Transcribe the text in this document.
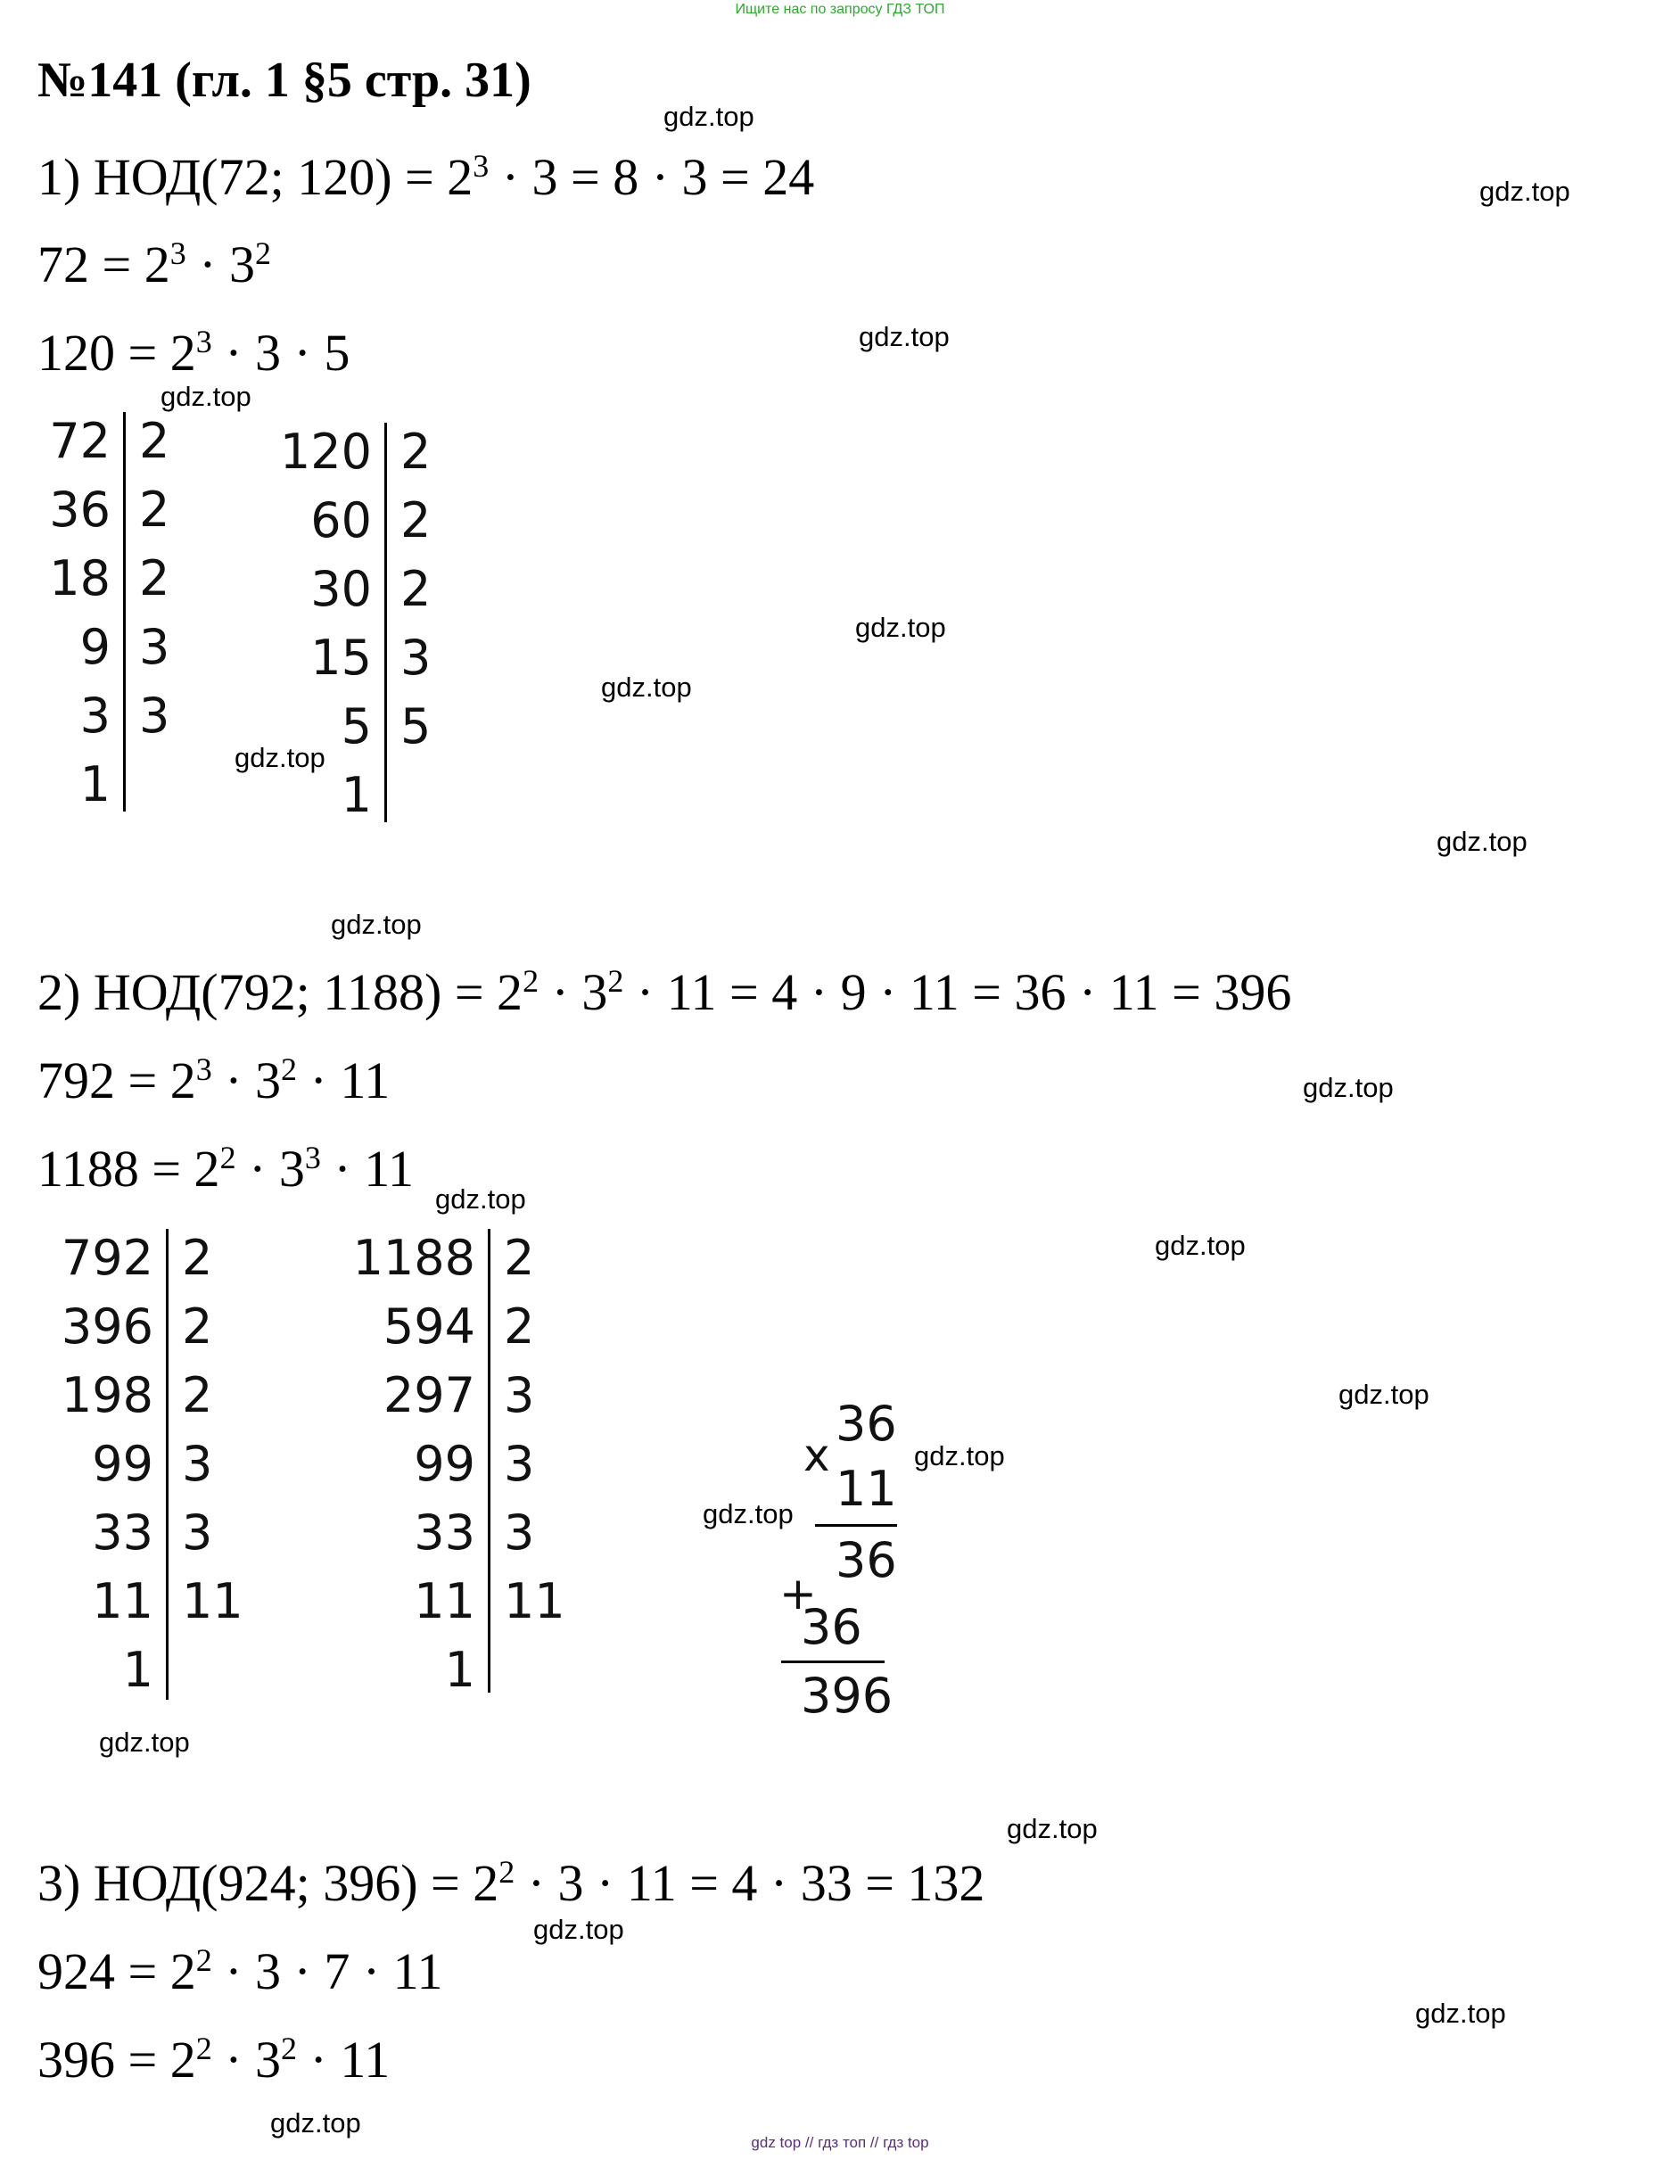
Ищите нас по запросу ГДЗ ТОП
№141 (гл. 1 §5 стр. 31)
1) НОД(72; $120) = 2^3 \cdot 3 = 8 \cdot 3 = 24$
$72 = 2^3 \cdot 3^2$
$120 = 2^3 \cdot 3 \cdot 5$
72 2
36 2
18 2
9 3
3 3
1
120 2
60 2
30 2
15 3
5 5
1
2) НОД(792; $1188) = 2^2 \cdot 3^2 \cdot 11 = 4 \cdot 9 \cdot 11 = 36 \cdot 11 = 396$
$792 = 2^3 \cdot 3^2 \cdot 11$
$1188 = 2^2 \cdot 3^3 \cdot 11$
792 2
396 2
198 2
99 3
33 3
11 11
1
1188 2
594 2
297 3
99 3
33 3
11 11
1
36
x
11
36
+
36
396
3) НОД(924; $396) = 2^2 \cdot 3 \cdot 11 = 4 \cdot 33 = 132$
$924 = 2^2 \cdot 3 \cdot 7 \cdot 11$
$396 = 2^2 \cdot 3^2 \cdot 11$
gdz.top
gdz.top
gdz.top
gdz.top
gdz.top
gdz.top
gdz.top
gdz.top
gdz.top
gdz.top
gdz.top
gdz.top
gdz.top
gdz.top
gdz.top
gdz.top
gdz.top
gdz.top
gdz.top
gdz.top
gdz top // гдз топ // гдз top
